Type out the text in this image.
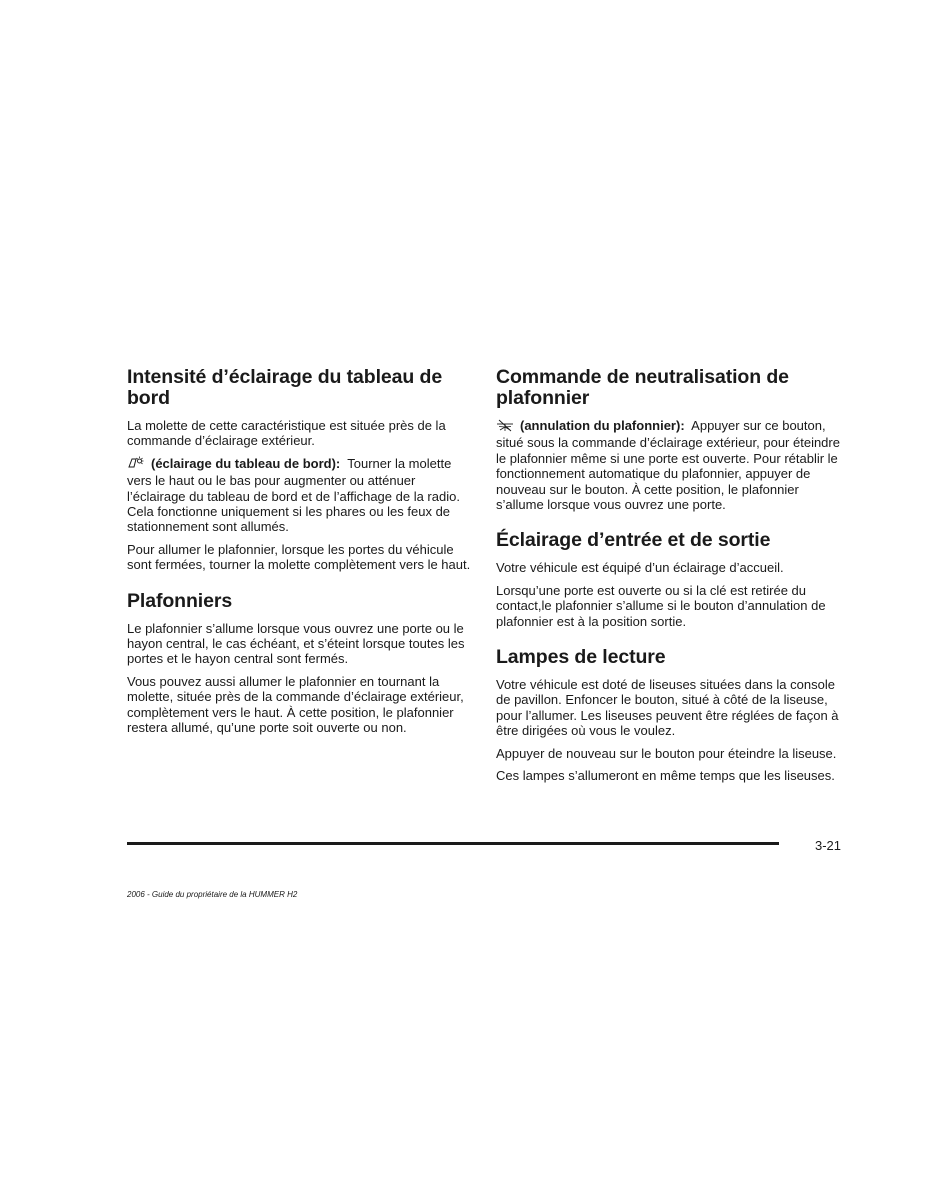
Intensité d’éclairage du tableau de bord

La molette de cette caractéristique est située près de la commande d’éclairage extérieur.

(éclairage du tableau de bord): Tourner la molette vers le haut ou le bas pour augmenter ou atténuer l’éclairage du tableau de bord et de l’affichage de la radio. Cela fonctionne uniquement si les phares ou les feux de stationnement sont allumés.

Pour allumer le plafonnier, lorsque les portes du véhicule sont fermées, tourner la molette complètement vers le haut.

Plafonniers

Le plafonnier s’allume lorsque vous ouvrez une porte ou le hayon central, le cas échéant, et s’éteint lorsque toutes les portes et le hayon central sont fermés.

Vous pouvez aussi allumer le plafonnier en tournant la molette, située près de la commande d’éclairage extérieur, complètement vers le haut. À cette position, le plafonnier restera allumé, qu’une porte soit ouverte ou non.

Commande de neutralisation de plafonnier

(annulation du plafonnier): Appuyer sur ce bouton, situé sous la commande d’éclairage extérieur, pour éteindre le plafonnier même si une porte est ouverte. Pour rétablir le fonctionnement automatique du plafonnier, appuyer de nouveau sur le bouton. À cette position, le plafonnier s’allume lorsque vous ouvrez une porte.

Éclairage d’entrée et de sortie

Votre véhicule est équipé d’un éclairage d’accueil.

Lorsqu’une porte est ouverte ou si la clé est retirée du contact,le plafonnier s’allume si le bouton d’annulation de plafonnier est à la position sortie.

Lampes de lecture

Votre véhicule est doté de liseuses situées dans la console de pavillon. Enfoncer le bouton, situé à côté de la liseuse, pour l’allumer. Les liseuses peuvent être réglées de façon à être dirigées où vous le voulez.

Appuyer de nouveau sur le bouton pour éteindre la liseuse.

Ces lampes s’allumeront en même temps que les liseuses.

3-21
2006 - Guide du propriétaire de la HUMMER H2
